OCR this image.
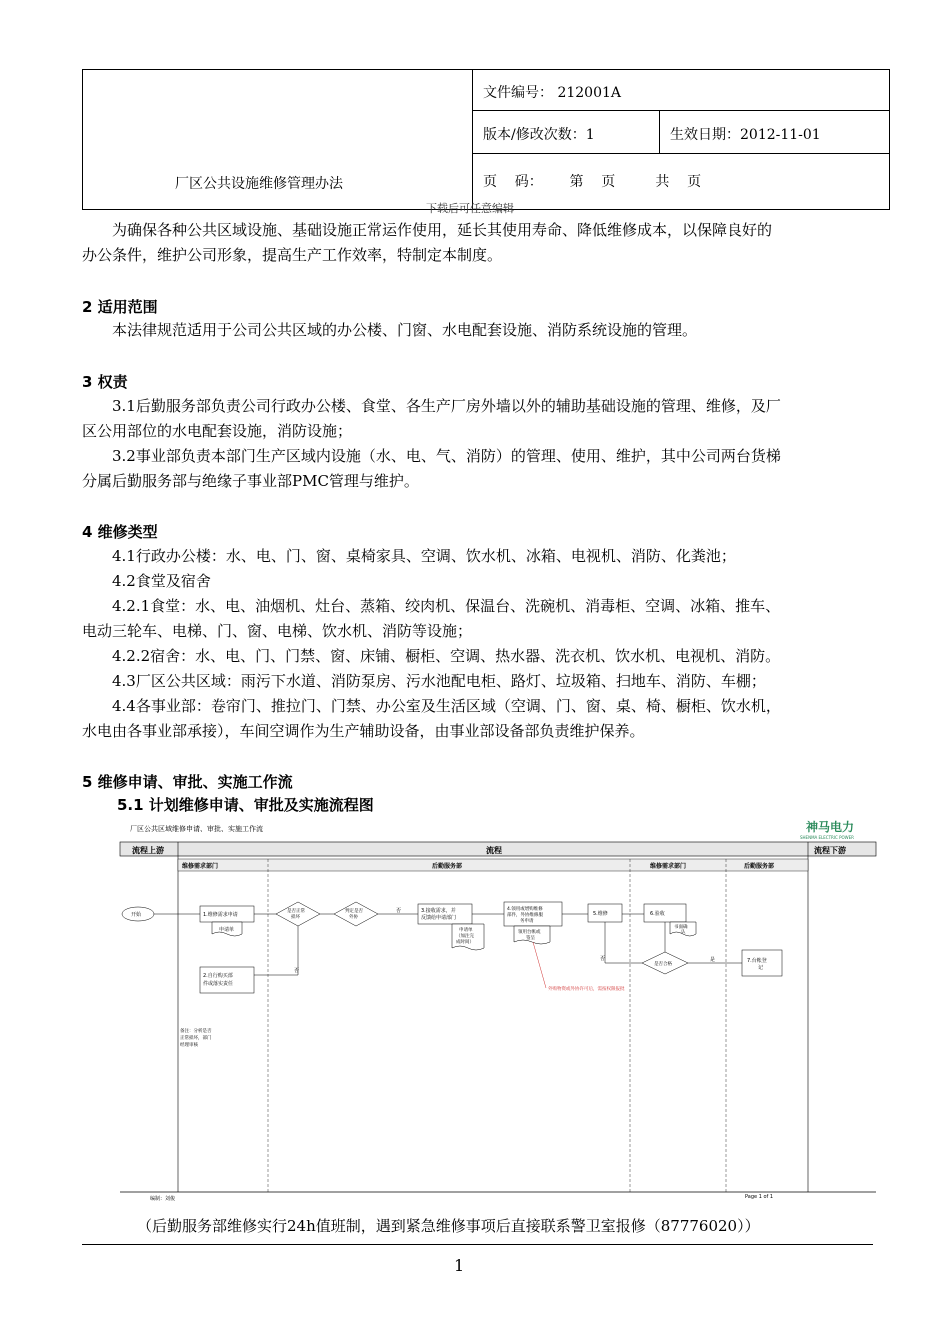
厂区公共设施维修管理办法
文件编号： 212001A
版本/修改次数：1	生效日期：2012-11-01
页    码：      第    页         共    页
下载后可任意编辑
为确保各种公共区域设施、基础设施正常运作使用，延长其使用寿命、降低维修成本，以保障良好的
办公条件，维护公司形象，提高生产工作效率，特制定本制度。
2 适用范围
本法律规范适用于公司公共区域的办公楼、门窗、水电配套设施、消防系统设施的管理。
3 权责
3.1后勤服务部负责公司行政办公楼、食堂、各生产厂房外墙以外的辅助基础设施的管理、维修，及厂
区公用部位的水电配套设施，消防设施；
3.2事业部负责本部门生产区域内设施（水、电、气、消防）的管理、使用、维护，其中公司两台货梯
分属后勤服务部与绝缘子事业部PMC管理与维护。
4 维修类型
4.1行政办公楼：水、电、门、窗、桌椅家具、空调、饮水机、冰箱、电视机、消防、化粪池；
4.2食堂及宿舍
4.2.1食堂：水、电、油烟机、灶台、蒸箱、绞肉机、保温台、洗碗机、消毒柜、空调、冰箱、推车、
电动三轮车、电梯、门、窗、电梯、饮水机、消防等设施；
4.2.2宿舍：水、电、门、门禁、窗、床铺、橱柜、空调、热水器、洗衣机、饮水机、电视机、消防。
4.3厂区公共区域：雨污下水道、消防泵房、污水池配电柜、路灯、垃圾箱、扫地车、消防、车棚；
4.4各事业部：卷帘门、推拉门、门禁、办公室及生活区域（空调、门、窗、桌、椅、橱柜、饮水机，
水电由各事业部承接），车间空调作为生产辅助设备，由事业部设备部负责维护保养。
5 维修申请、审批、实施工作流
5.1 计划维修申请、审批及实施流程图
厂区公共区域维修申请、审批、实施工作流	神马电力
SHENMA ELECTRIC POWER
流程上游	流程	流程下游
维修需求部门	后勤服务部	维修需求部门	后勤服务部
开始	1.维修需求申请
申请单
是否正常
损坏
判定是否
外协
否
否
2.自行购买部
件或落实责任
3.接收需求，并
反馈给申请部门
申请单
（加注完
成时间）
4.领用或增购维修
部件，外协维修服
务申请
领用台帐或
签呈
外购物资或外协许可后，需按权限报批
5.维修	6.验收
书面确
认
是否合格
否	是	7.台帐登
记
备注：分析是否
正常损坏，部门
经理审核
编制：刘俊	Page 1 of 1
（后勤服务部维修实行24h值班制，遇到紧急维修事项后直接联系警卫室报修（87776020））
1
